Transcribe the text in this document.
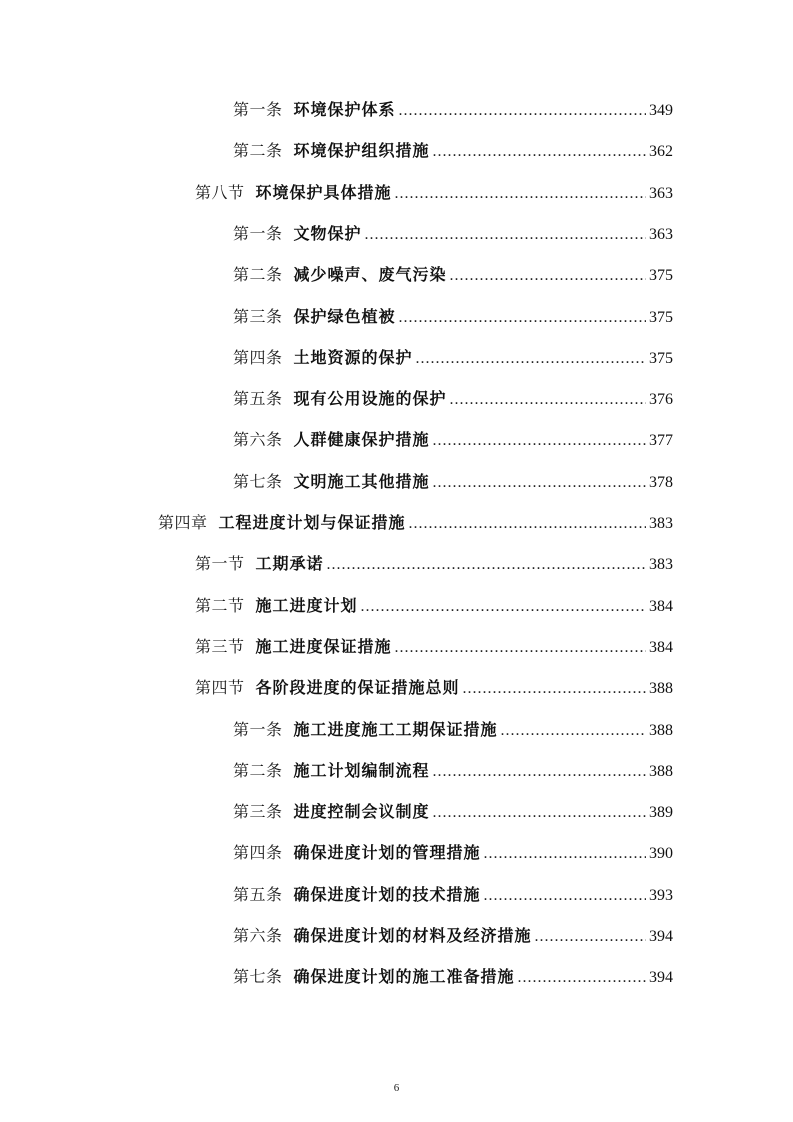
第一条 环境保护体系 .....	349
第二条 环境保护组织措施 .....	362
第八节 环境保护具体措施 .....	363
第一条 文物保护 .....	363
第二条 减少噪声、废气污染 .....	375
第三条 保护绿色植被 .....	375
第四条 土地资源的保护 .....	375
第五条 现有公用设施的保护 .....	376
第六条 人群健康保护措施 .....	377
第七条 文明施工其他措施 .....	378
第四章 工程进度计划与保证措施 .....	383
第一节 工期承诺 .....	383
第二节 施工进度计划 .....	384
第三节 施工进度保证措施 .....	384
第四节 各阶段进度的保证措施总则 .....	388
第一条 施工进度施工工期保证措施 .....	388
第二条 施工计划编制流程 .....	388
第三条 进度控制会议制度 .....	389
第四条 确保进度计划的管理措施 .....	390
第五条 确保进度计划的技术措施 .....	393
第六条 确保进度计划的材料及经济措施 .....	394
第七条 确保进度计划的施工准备措施 .....	394
6
